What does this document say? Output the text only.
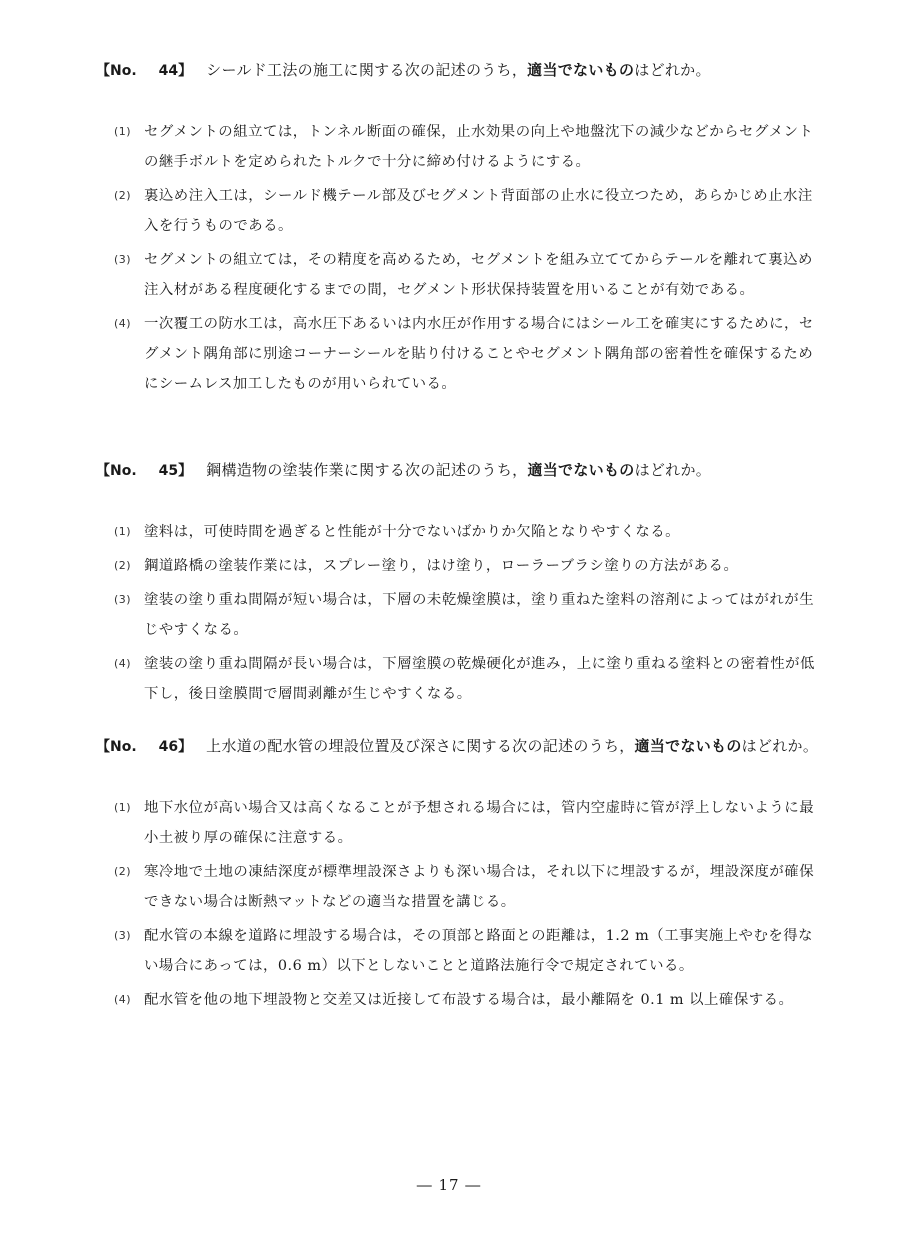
【No. 44】 シールド工法の施工に関する次の記述のうち， 適当でないもの はどれか。
(1) セグメントの組立ては，トンネル断面の確保，止水効果の向上や地盤沈下の減少などからセグメントの継手ボルトを定められたトルクで十分に締め付けるようにする。
(2) 裏込め注入工は，シールド機テール部及びセグメント背面部の止水に役立つため，あらかじめ止水注入を行うものである。
(3) セグメントの組立ては，その精度を高めるため，セグメントを組み立ててからテールを離れて裏込め注入材がある程度硬化するまでの間，セグメント形状保持装置を用いることが有効である。
(4) 一次覆工の防水工は，高水圧下あるいは内水圧が作用する場合にはシール工を確実にするために，セグメント隅角部に別途コーナーシールを貼り付けることやセグメント隅角部の密着性を確保するためにシームレス加工したものが用いられている。
【No. 45】 鋼構造物の塗装作業に関する次の記述のうち， 適当でないもの はどれか。
(1) 塗料は，可使時間を過ぎると性能が十分でないばかりか欠陥となりやすくなる。
(2) 鋼道路橋の塗装作業には，スプレー塗り，はけ塗り，ローラーブラシ塗りの方法がある。
(3) 塗装の塗り重ね間隔が短い場合は，下層の未乾燥塗膜は，塗り重ねた塗料の溶剤によってはがれが生じやすくなる。
(4) 塗装の塗り重ね間隔が長い場合は，下層塗膜の乾燥硬化が進み，上に塗り重ねる塗料との密着性が低下し，後日塗膜間で層間剥離が生じやすくなる。
【No. 46】 上水道の配水管の埋設位置及び深さに関する次の記述のうち， 適当でないもの はどれか。
(1) 地下水位が高い場合又は高くなることが予想される場合には，管内空虚時に管が浮上しないように最小土被り厚の確保に注意する。
(2) 寒冷地で土地の凍結深度が標準埋設深さよりも深い場合は，それ以下に埋設するが，埋設深度が確保できない場合は断熱マットなどの適当な措置を講じる。
(3) 配水管の本線を道路に埋設する場合は，その頂部と路面との距離は，1.2 m（工事実施上やむを得ない場合にあっては，0.6 m）以下としないことと道路法施行令で規定されている。
(4) 配水管を他の地下埋設物と交差又は近接して布設する場合は，最小離隔を 0.1 m 以上確保する。
― 17 ―
